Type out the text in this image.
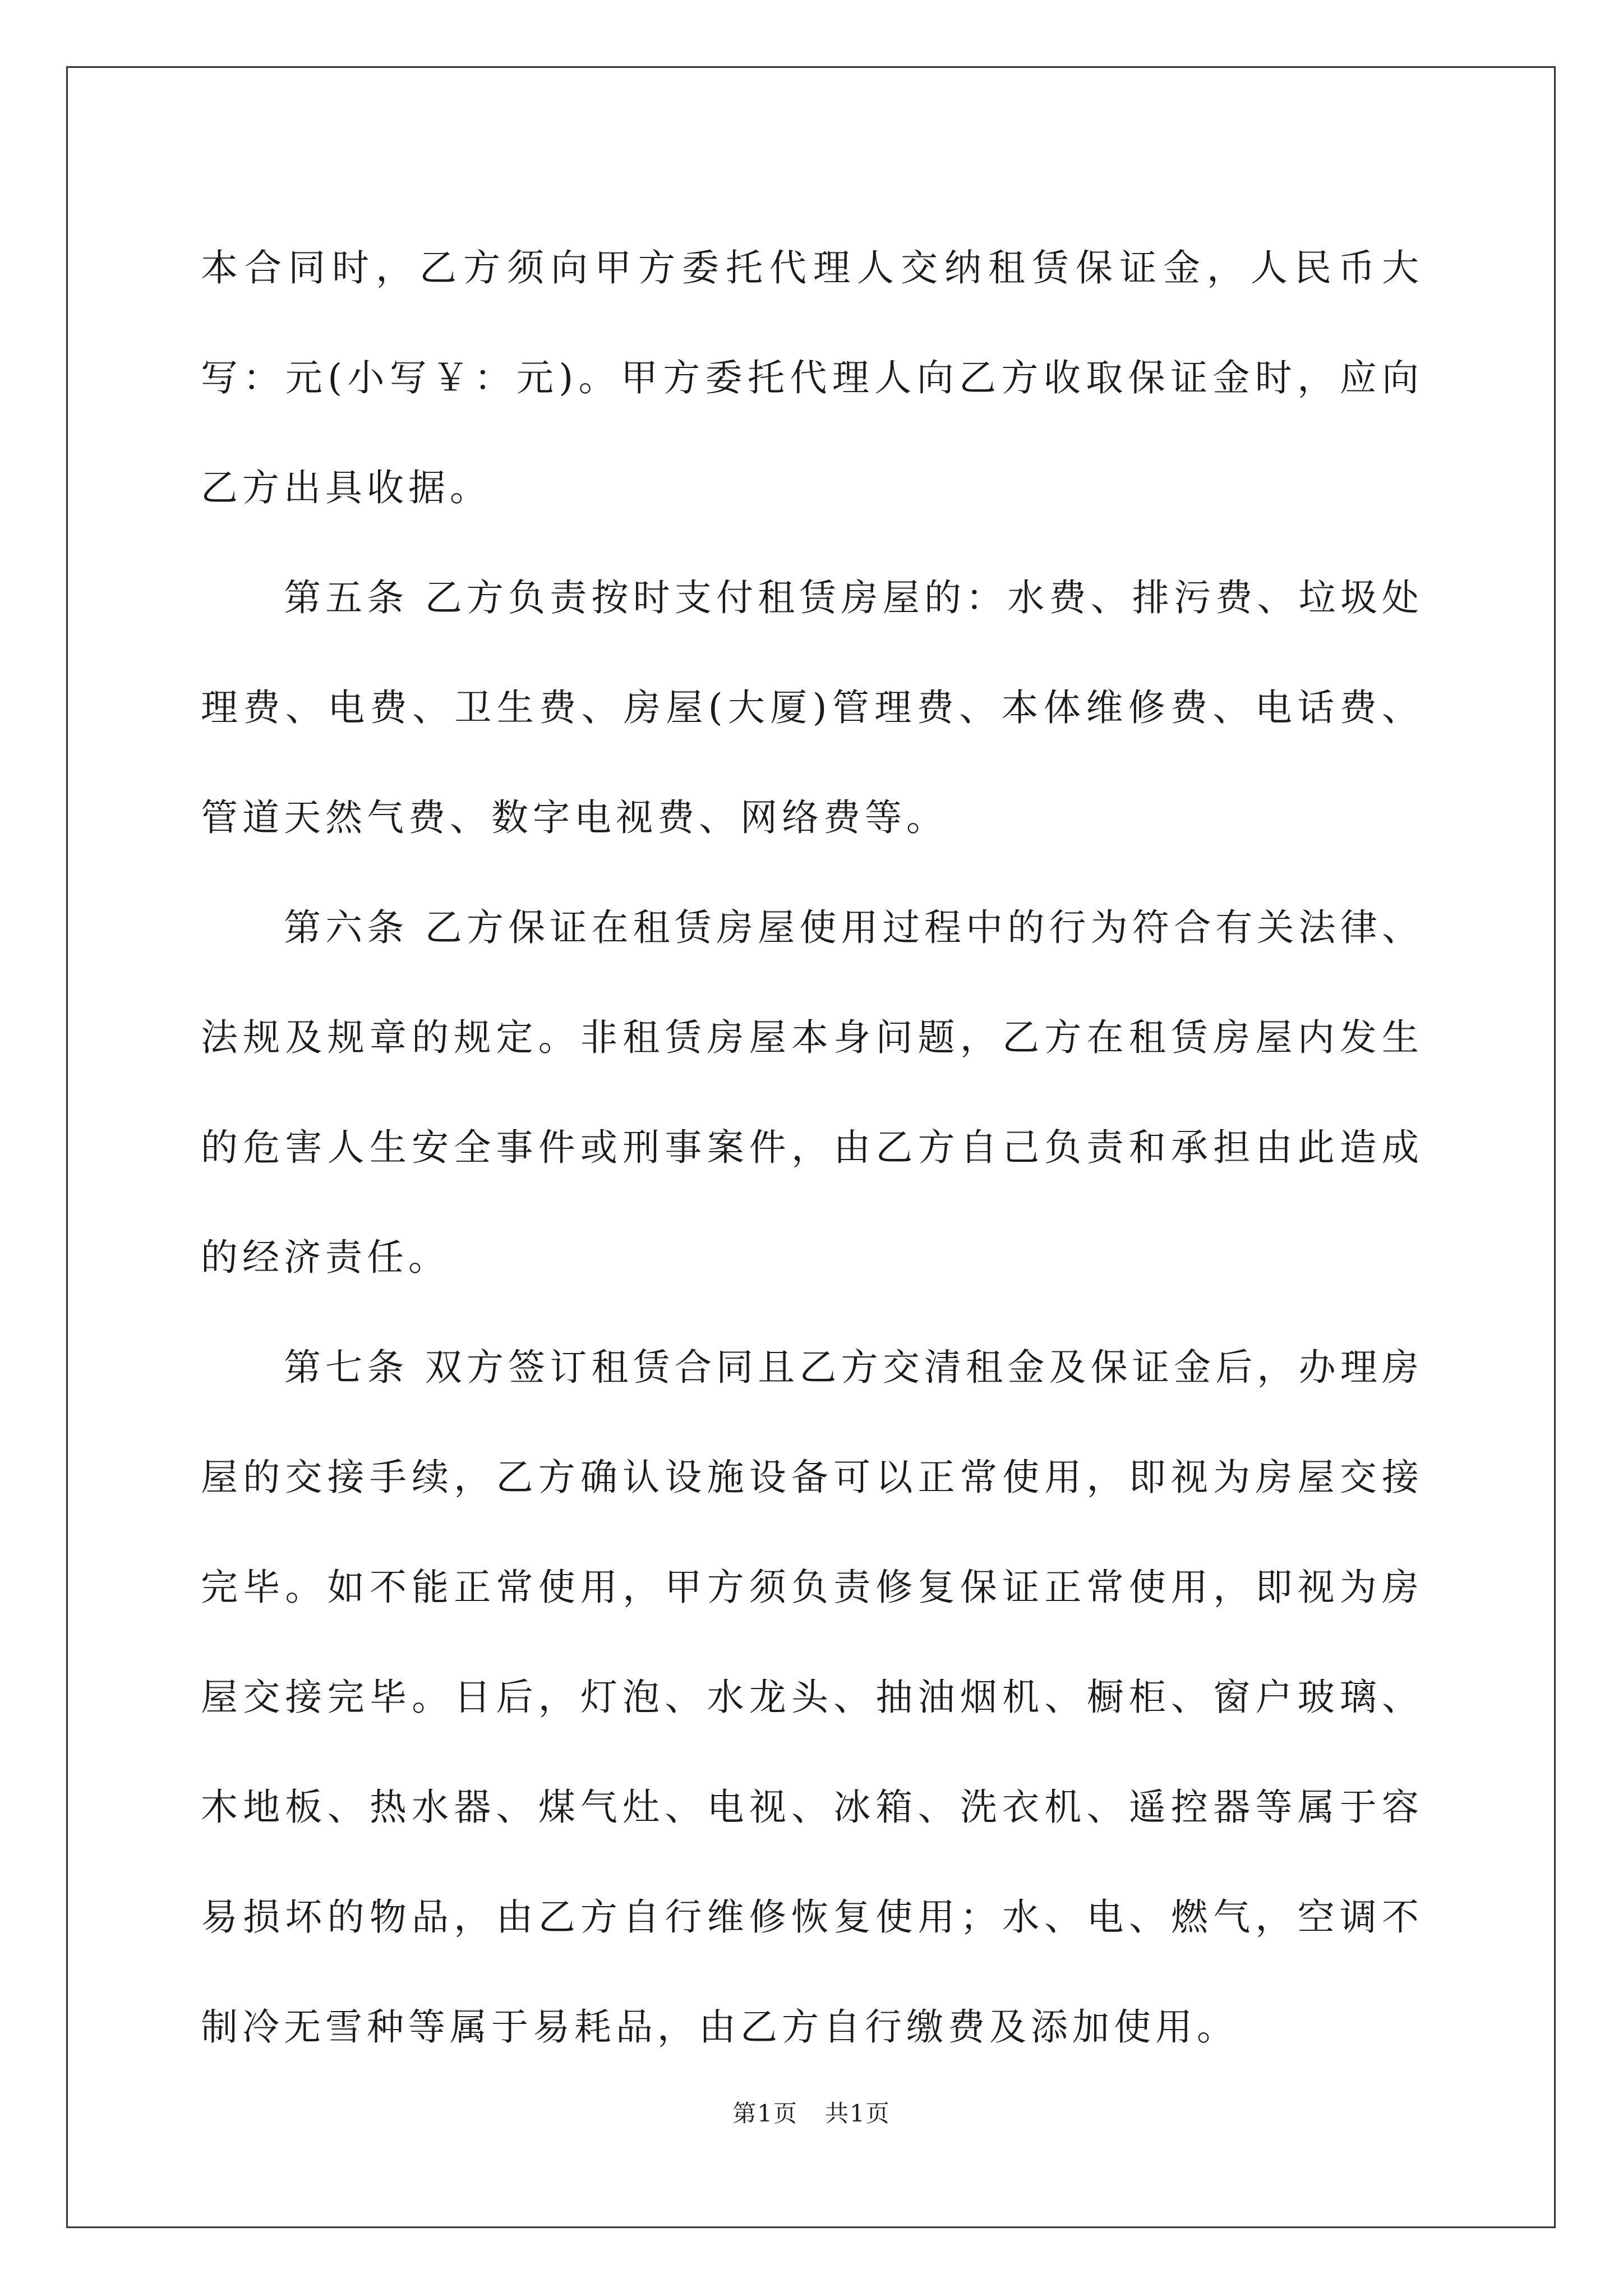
本合同时，乙方须向甲方委托代理人交纳租赁保证金，人民币大写：元(小写￥：元)。甲方委托代理人向乙方收取保证金时，应向乙方出具收据。

第五条 乙方负责按时支付租赁房屋的：水费、排污费、垃圾处理费、电费、卫生费、房屋(大厦)管理费、本体维修费、电话费、管道天然气费、数字电视费、网络费等。

第六条 乙方保证在租赁房屋使用过程中的行为符合有关法律、法规及规章的规定。非租赁房屋本身问题，乙方在租赁房屋内发生的危害人生安全事件或刑事案件，由乙方自己负责和承担由此造成的经济责任。

第七条 双方签订租赁合同且乙方交清租金及保证金后，办理房屋的交接手续，乙方确认设施设备可以正常使用，即视为房屋交接完毕。如不能正常使用，甲方须负责修复保证正常使用，即视为房屋交接完毕。日后，灯泡、水龙头、抽油烟机、橱柜、窗户玻璃、木地板、热水器、煤气灶、电视、冰箱、洗衣机、遥控器等属于容易损坏的物品，由乙方自行维修恢复使用；水、电、燃气，空调不制冷无雪种等属于易耗品，由乙方自行缴费及添加使用。

第1页 共1页
